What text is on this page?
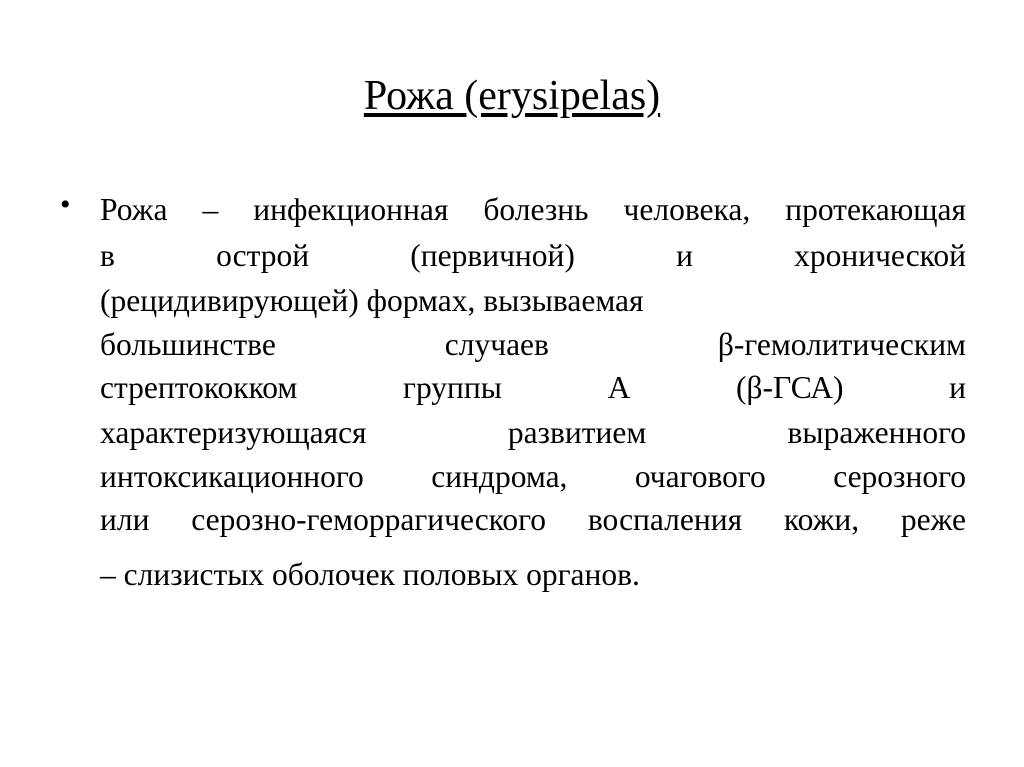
Рожа (erysipelas)
• Рожа – инфекционная болезнь человека, протекающая
в острой (первичной) и хронической
(рецидивирующей) формах, вызываемая
большинстве случаев β-гемолитическим
стрептококком группы А (β-ГСА) и
характеризующаяся развитием выраженного
интоксикационного синдрома, очагового серозного
или серозно-геморрагического воспаления кожи, реже
– слизистых оболочек половых органов.
